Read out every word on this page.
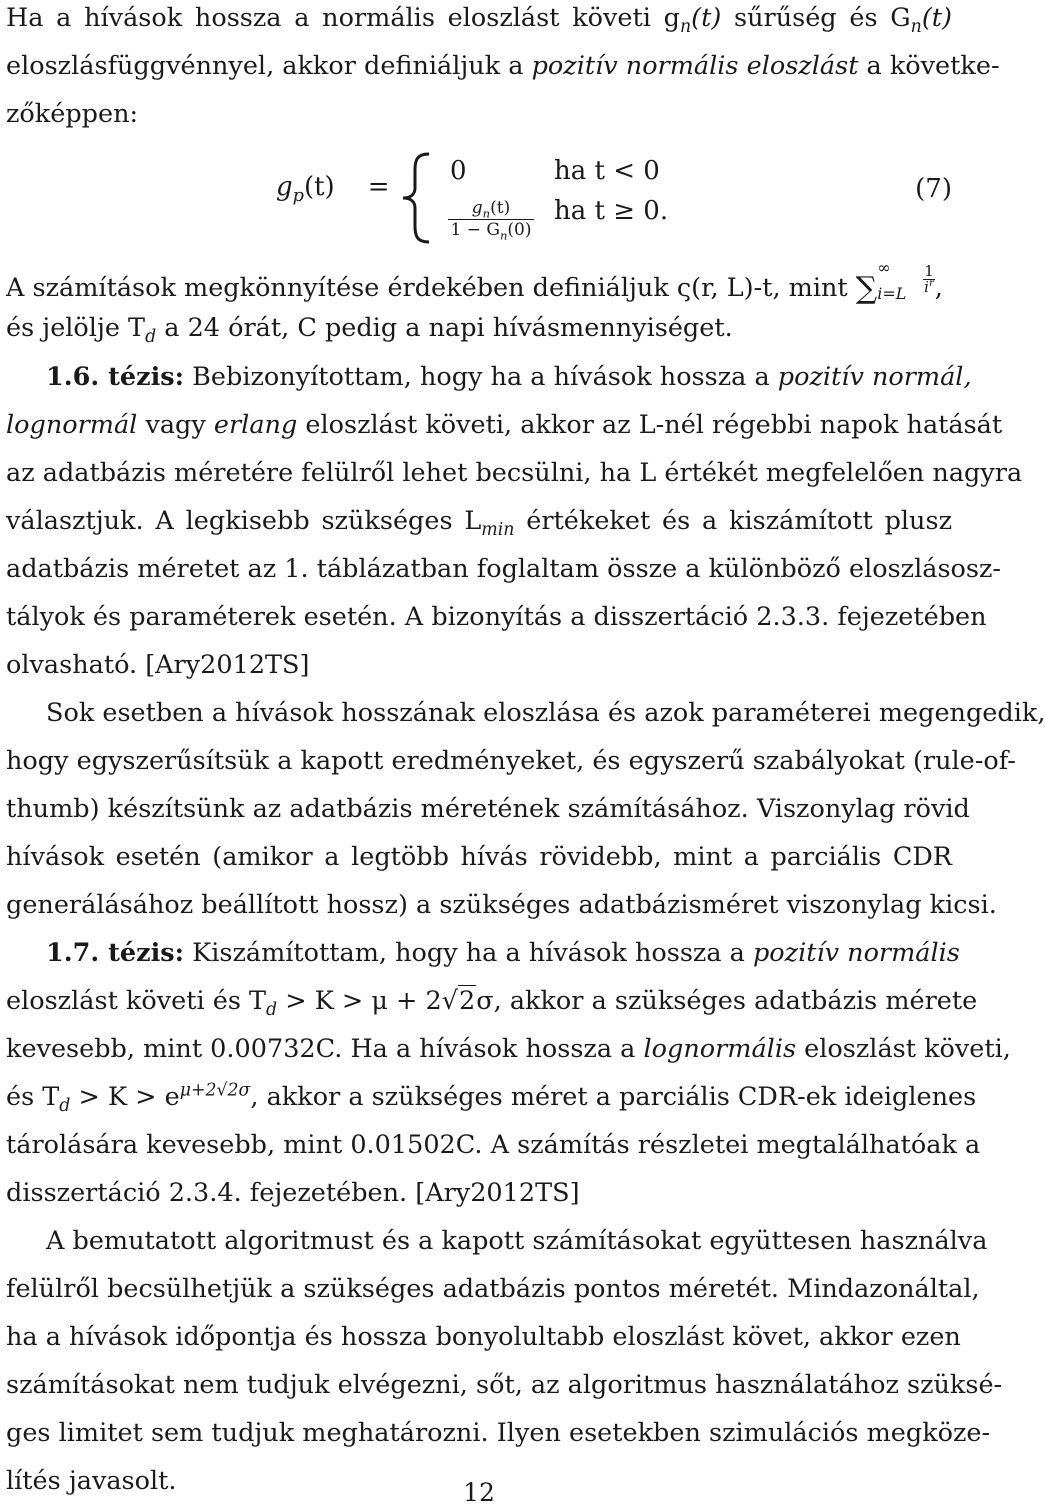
Ha a hívások hossza a normális eloszlást követi $g_n(t)$ sűrűség és $G_n(t)$
eloszlásfüggvénnyel, akkor definiáljuk a pozitív normális eloszlást a követke-
zőképpen:
$g_p(t)$ =
0	ha t < 0
$\frac{g_n(t)}{1 - G_n(0)}$ ha t ≥ 0.
(7)
A számítások megkönnyítése érdekében definiáljuk ς(r, L)-t, mint ∑
∞
$i=L \frac{1}{i^r}$ ,
és jelölje $T_d$ a 24 órát, C pedig a napi hívásmennyiséget.
1.6. tézis: Bebizonyítottam, hogy ha a hívások hossza a pozitív normál,
lognormál vagy erlang eloszlást követi, akkor az L-nél régebbi napok hatását
az adatbázis méretére felülről lehet becsülni, ha L értékét megfelelően nagyra
választjuk. A legkisebb szükséges $L_{min}$ értékeket és a kiszámított plusz
adatbázis méretet az 1. táblázatban foglaltam össze a különböző eloszlásosz-
tályok és paraméterek esetén. A bizonyítás a disszertáció 2.3.3. fejezetében
olvasható. [Ary2012TS]
Sok esetben a hívások hosszának eloszlása és azok paraméterei megengedik,
hogy egyszerűsítsük a kapott eredményeket, és egyszerű szabályokat (rule-of-
thumb) készítsünk az adatbázis méretének számításához. Viszonylag rövid
hívások esetén (amikor a legtöbb hívás rövidebb, mint a parciális CDR
generálásához beállított hossz) a szükséges adatbázisméret viszonylag kicsi.
1.7. tézis: Kiszámítottam, hogy ha a hívások hossza a pozitív normális
eloszlást követi és $T_d > K > \mu + 2√2\sigma$, akkor a szükséges adatbázis mérete
kevesebb, mint 0.00732C. Ha a hívások hossza a lognormális eloszlást követi,
és $T_d > K > e^{\mu+2√2\sigma}$, akkor a szükséges méret a parciális CDR-ek ideiglenes
tárolására kevesebb, mint 0.01502C. A számítás részletei megtalálhatóak a
disszertáció 2.3.4. fejezetében. [Ary2012TS]
A bemutatott algoritmust és a kapott számításokat együttesen használva
felülről becsülhetjük a szükséges adatbázis pontos méretét. Mindazonáltal,
ha a hívások időpontja és hossza bonyolultabb eloszlást követ, akkor ezen
számításokat nem tudjuk elvégezni, sőt, az algoritmus használatához szüksé-
ges limitet sem tudjuk meghatározni. Ilyen esetekben szimulációs megköze-
lítés javasolt.	12
